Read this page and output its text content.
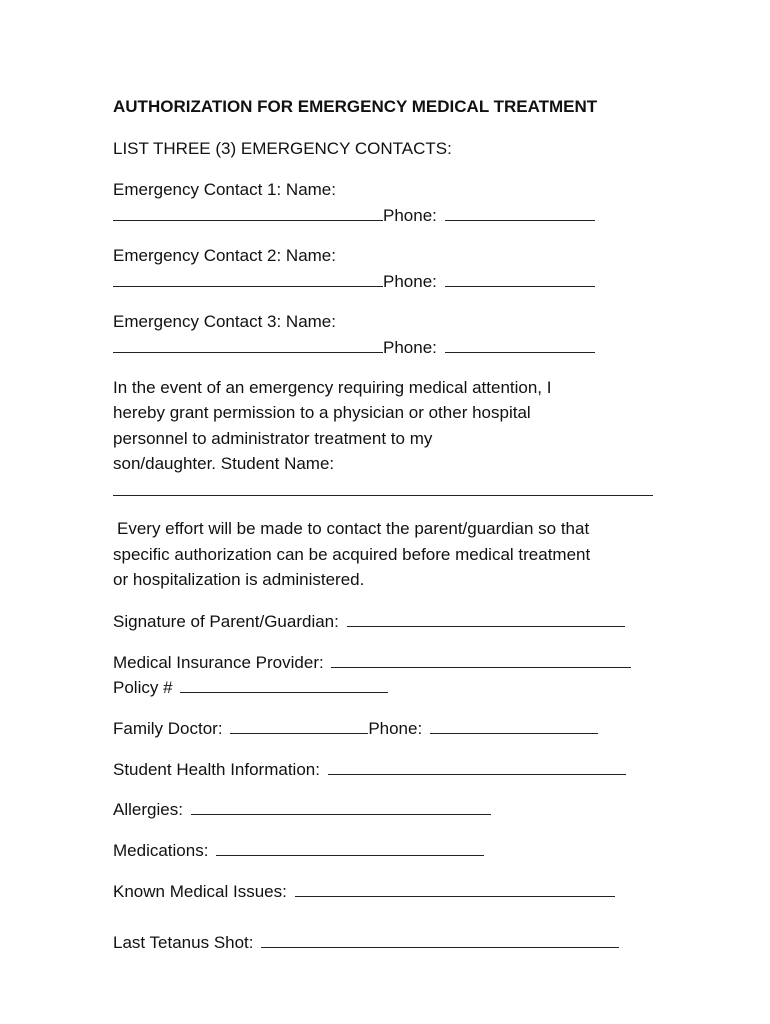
AUTHORIZATION FOR EMERGENCY MEDICAL TREATMENT
LIST THREE (3) EMERGENCY CONTACTS:
Emergency Contact 1: Name:
Phone:
Emergency Contact 2: Name:
Phone:
Emergency Contact 3: Name:
Phone:
In the event of an emergency requiring medical attention, I
hereby grant permission to a physician or other hospital
personnel to administrator treatment to my
son/daughter. Student Name:
Every effort will be made to contact the parent/guardian so that
specific authorization can be acquired before medical treatment
or hospitalization is administered.
Signature of Parent/Guardian:
Medical Insurance Provider:
Policy #
Family Doctor:	Phone:
Student Health Information:
Allergies:
Medications:
Known Medical Issues:
Last Tetanus Shot:
